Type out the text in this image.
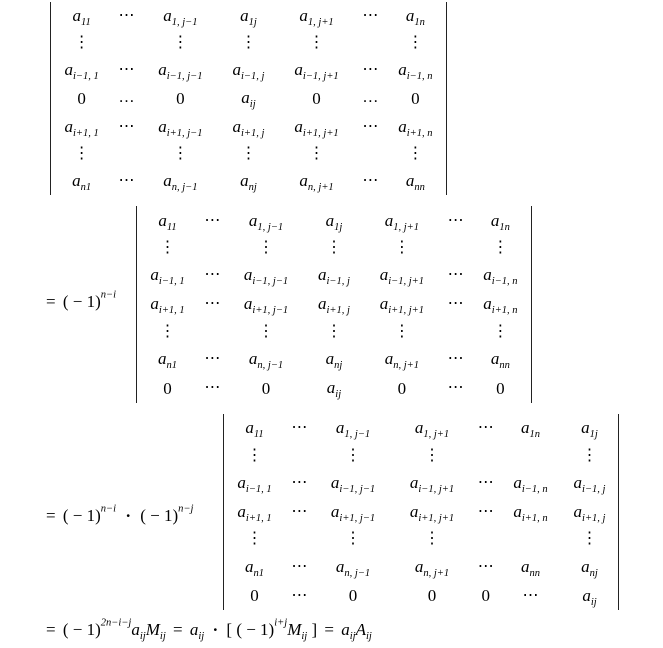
$a_{11}$	⋯	$a_{1, j-1}$	$a_{1j}$	$a_{1, j+1}$	⋯	$a_{1n}$
⋮		⋮	⋮	⋮		⋮
$a_{i-1, 1}$	⋯	$a_{i-1, j-1}$	$a_{i-1, j}$	$a_{i-1, j+1}$	⋯	$a_{i-1, n}$
0	…	0	$a_{ij}$	0	…	0
$a_{i+1, 1}$	⋯	$a_{i+1, j-1}$	$a_{i+1, j}$	$a_{i+1, j+1}$	⋯	$a_{i+1, n}$
⋮		⋮	⋮	⋮		⋮
$a_{n1}$	⋯	$a_{n, j-1}$	$a_{nj}$	$a_{n, j+1}$	⋯	$a_{nn}$
= ( − 1)$^{n-i}$
$a_{11}$	⋯	$a_{1, j-1}$	$a_{1j}$	$a_{1, j+1}$	⋯	$a_{1n}$
⋮		⋮	⋮	⋮		⋮
$a_{i-1, 1}$	⋯	$a_{i-1, j-1}$	$a_{i-1, j}$	$a_{i-1, j+1}$	⋯	$a_{i-1, n}$
$a_{i+1, 1}$	⋯	$a_{i+1, j-1}$	$a_{i+1, j}$	$a_{i+1, j+1}$	⋯	$a_{i+1, n}$
⋮		⋮	⋮	⋮		⋮
$a_{n1}$	⋯	$a_{n, j-1}$	$a_{nj}$	$a_{n, j+1}$	⋯	$a_{nn}$
0	⋯	0	$a_{ij}$	0	⋯	0
= ( − 1)$^{n-i}$ · ( − 1)$^{n-j}$
$a_{11}$	⋯	$a_{1, j-1}$	$a_{1, j+1}$	⋯	$a_{1n}$	$a_{1j}$
⋮		⋮	⋮			⋮
$a_{i-1, 1}$	⋯	$a_{i-1, j-1}$	$a_{i-1, j+1}$	⋯	$a_{i-1, n}$	$a_{i-1, j}$
$a_{i+1, 1}$	⋯	$a_{i+1, j-1}$	$a_{i+1, j+1}$	⋯	$a_{i+1, n}$	$a_{i+1, j}$
⋮		⋮	⋮			⋮
$a_{n1}$	⋯	$a_{n, j-1}$	$a_{n, j+1}$	⋯	$a_{nn}$	$a_{nj}$
0	⋯	0	0	0	⋯	$a_{ij}$
= ( − $1)^{2n-i-j}a_{ij}M_{ij} = a_{ij}$ · [ ( − $1)^{i+j}M_{ij}$ ] = $a_{ij}A_{ij}$
